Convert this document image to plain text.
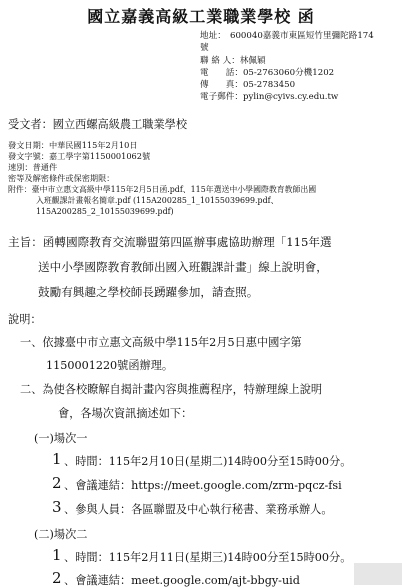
國立嘉義高級工業職業學校 函
地址： 600040嘉義市東區短竹里彌陀路174
號
聯 絡 人：林佩穎
電　　話：05-2763060分機1202
傳　　真：05-2783450
電子郵件：pylin@cyivs.cy.edu.tw
受文者：國立西螺高級農工職業學校
發文日期：中華民國115年2月10日
發文字號：嘉工學字第1150001062號
速別：普通件
密等及解密條件或保密期限：
附件：臺中市立惠文高級中學115年2月5日函.pdf、115年選送中小學國際教育教師出國
入班觀課計畫報名簡章.pdf (115A200285_1_10155039699.pdf、
115A200285_2_10155039699.pdf)
主旨：函轉國際教育交流聯盟第四區辦事處協助辦理「115年選
送中小學國際教育教師出國入班觀課計畫」線上說明會，
鼓勵有興趣之學校師長踴躍參加，請查照。
說明：
一、依據臺中市立惠文高級中學115年2月5日惠中國字第
1150001220號函辦理。
二、為使各校瞭解自揭計畫內容與推薦程序，特辦理線上說明
會，各場次資訊摘述如下：
(一)場次一
1 、時間：115年2月10日(星期二)14時00分至15時00分。
2 、會議連結：https://meet.google.com/zrm-pqcz-fsi
3 、參與人員：各區聯盟及中心執行秘書、業務承辦人。
(二)場次二
1 、時間：115年2月11日(星期三)14時00分至15時00分。
2 、會議連結：meet.google.com/ajt-bbgy-uid
